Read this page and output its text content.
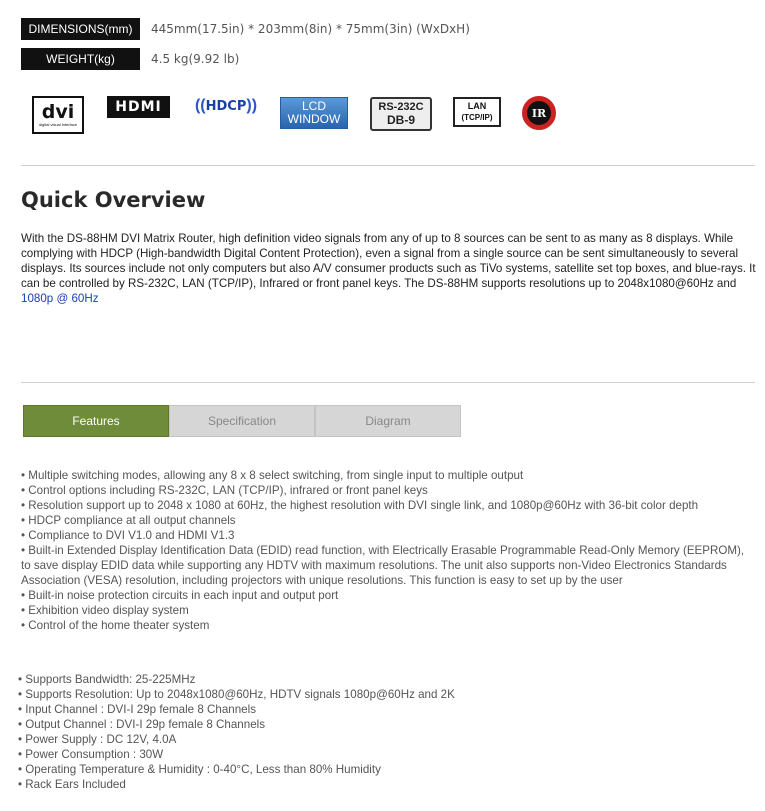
DIMENSIONS(mm)	445mm(17.5in) * 203mm(8in) * 75mm(3in) (WxDxH)
WEIGHT(kg)	4.5 kg(9.92 lb)
dvi
digital visual interface
HDMI (( HDCP ))	LCD
WINDOW
RS-232C
DB-9
LAN
(TCP/IP)	IR
Quick Overview

With the DS-88HM DVI Matrix Router, high definition video signals from any of up to 8 sources can be sent to as many as 8 displays. While complying with HDCP (High-bandwidth Digital Content Protection), even a signal from a single source can be sent simultaneously to several displays. Its sources include not only computers but also A/V consumer products such as TiVo systems, satellite set top boxes, and blue-rays. It can be controlled by RS-232C, LAN (TCP/IP), Infrared or front panel keys. The DS-88HM supports resolutions up to 2048x1080@60Hz and 1080p @ 60Hz

Features	Specification	Diagram
• Multiple switching modes, allowing any 8 x 8 select switching, from single input to multiple output
• Control options including RS-232C, LAN (TCP/IP), infrared or front panel keys
• Resolution support up to 2048 x 1080 at 60Hz, the highest resolution with DVI single link, and 1080p@60Hz with 36-bit color depth
• HDCP compliance at all output channels
• Compliance to DVI V1.0 and HDMI V1.3
• Built-in Extended Display Identification Data (EDID) read function, with Electrically Erasable Programmable Read-Only Memory (EEPROM), to save display EDID data while supporting any HDTV with maximum resolutions. The unit also supports non-Video Electronics Standards Association (VESA) resolution, including projectors with unique resolutions. This function is easy to set up by the user
• Built-in noise protection circuits in each input and output port
• Exhibition video display system
• Control of the home theater system
• Supports Bandwidth: 25-225MHz
• Supports Resolution: Up to 2048x1080@60Hz, HDTV signals 1080p@60Hz and 2K
• Input Channel : DVI-I 29p female 8 Channels
• Output Channel : DVI-I 29p female 8 Channels
• Power Supply : DC 12V, 4.0A
• Power Consumption : 30W
• Operating Temperature & Humidity : 0-40°C, Less than 80% Humidity
• Rack Ears Included
